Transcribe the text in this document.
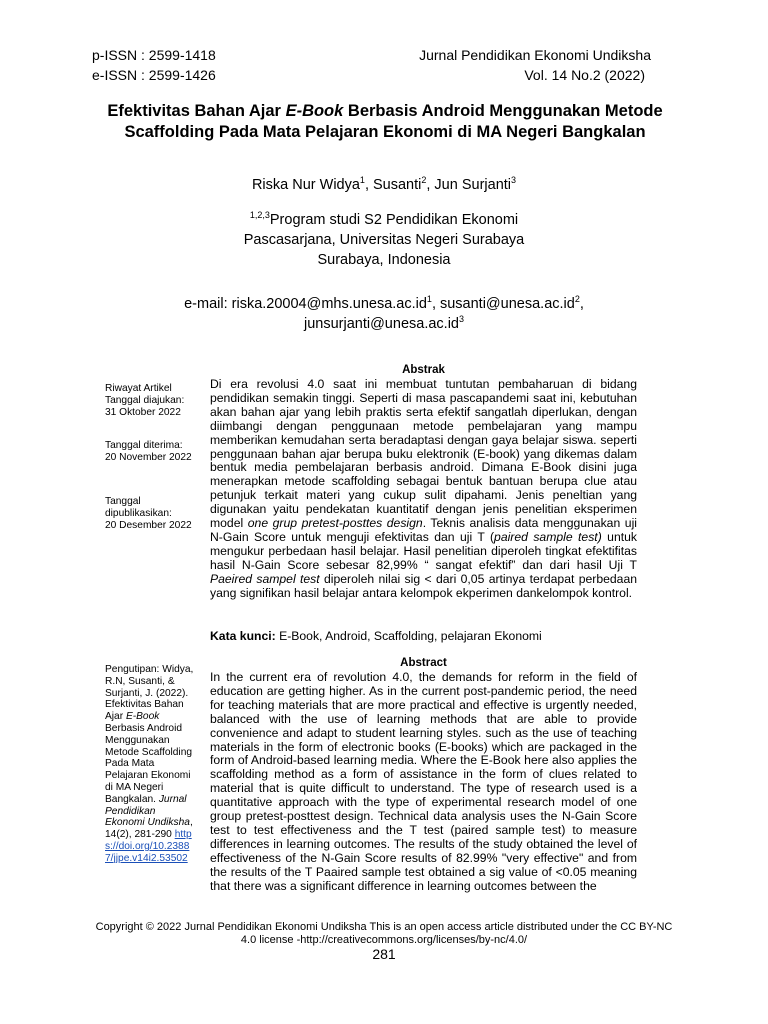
p-ISSN : 2599-1418
e-ISSN : 2599-1426
Jurnal Pendidikan Ekonomi Undiksha
Vol. 14 No.2 (2022)
Efektivitas Bahan Ajar E-Book Berbasis Android Menggunakan Metode Scaffolding Pada Mata Pelajaran Ekonomi di MA Negeri Bangkalan
Riska Nur Widya$^1$, Susanti$^2$, Jun Surjanti$^3$
$^{1,2,3}$Program studi S2 Pendidikan Ekonomi
Pascasarjana, Universitas Negeri Surabaya
Surabaya, Indonesia
e-mail: $riska.20004@mhs.unesa.ac.id^1$, $susanti@unesa.ac.id^2$,
$junsurjanti@unesa.ac.id^3$

Riwayat Artikel

Tanggal diajukan:

31 Oktober 2022

Tanggal diterima:

20 November 2022

Tanggal dipublikasikan:

20 Desember 2022

Pengutipan: Widya, R.N, Susanti, & Surjanti, J. (2022). Efektivitas Bahan Ajar E-Book Berbasis Android Menggunakan Metode Scaffolding Pada Mata Pelajaran Ekonomi di MA Negeri Bangkalan. Jurnal Pendidikan Ekonomi Undiksha, 14(2), 281-290 https://doi.org/10.23887/jjpe.v14i2.53502
Abstrak

Di era revolusi 4.0 saat ini membuat tuntutan pembaharuan di bidang pendidikan semakin tinggi. Seperti di masa pascapandemi saat ini, kebutuhan akan bahan ajar yang lebih praktis serta efektif sangatlah diperlukan, dengan diimbangi dengan penggunaan metode pembelajaran yang mampu memberikan kemudahan serta beradaptasi dengan gaya belajar siswa. seperti penggunaan bahan ajar berupa buku elektronik (E-book) yang dikemas dalam bentuk media pembelajaran berbasis android. Dimana E-Book disini juga menerapkan metode scaffolding sebagai bentuk bantuan berupa clue atau petunjuk terkait materi yang cukup sulit dipahami. Jenis peneltian yang digunakan yaitu pendekatan kuantitatif dengan jenis penelitian eksperimen model one grup pretest-posttes design. Teknis analisis data menggunakan uji N-Gain Score untuk menguji efektivitas dan uji T (paired sample test) untuk mengukur perbedaan hasil belajar. Hasil penelitian diperoleh tingkat efektifitas hasil N-Gain Score sebesar 82,99% “ sangat efektif” dan dari hasil Uji T Paeired sampel test diperoleh nilai sig < dari 0,05 artinya terdapat perbedaan yang signifikan hasil belajar antara kelompok ekperimen dankelompok kontrol.

Kata kunci: E-Book, Android, Scaffolding, pelajaran Ekonomi
Abstract

In the current era of revolution 4.0, the demands for reform in the field of education are getting higher. As in the current post-pandemic period, the need for teaching materials that are more practical and effective is urgently needed, balanced with the use of learning methods that are able to provide convenience and adapt to student learning styles. such as the use of teaching materials in the form of electronic books (E-books) which are packaged in the form of Android-based learning media. Where the E-Book here also applies the scaffolding method as a form of assistance in the form of clues related to material that is quite difficult to understand. The type of research used is a quantitative approach with the type of experimental research model of one group pretest-posttest design. Technical data analysis uses the N-Gain Score test to test effectiveness and the T test (paired sample test) to measure differences in learning outcomes. The results of the study obtained the level of effectiveness of the N-Gain Score results of 82.99% "very effective" and from the results of the T Paaired sample test obtained a sig value of <0.05 meaning that there was a significant difference in learning outcomes between the

Copyright © 2022 Jurnal Pendidikan Ekonomi Undiksha This is an open access article distributed under the CC BY-NC 4.0 license -http://creativecommons.org/licenses/by-nc/4.0/
281
